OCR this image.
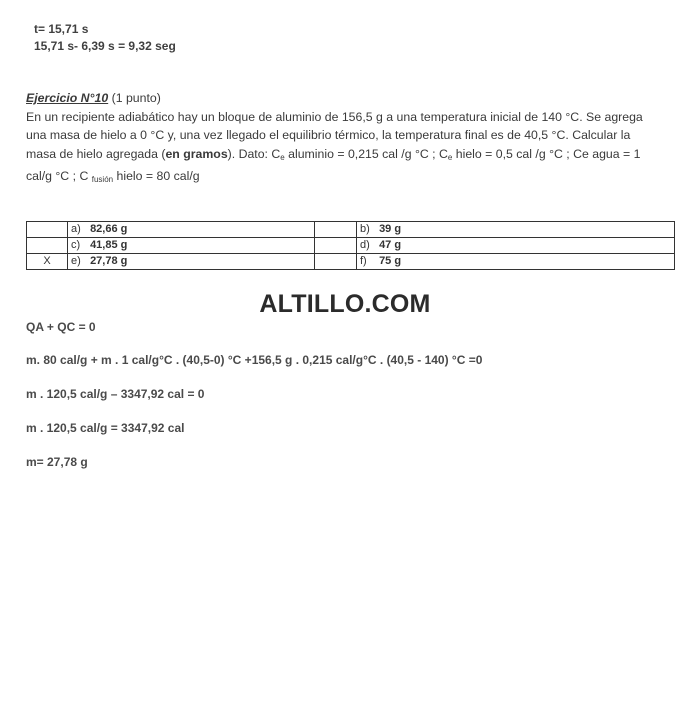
t= 15,71 s
15,71 s- 6,39 s = 9,32 seg
Ejercicio N°10 (1 punto)
En un recipiente adiabático hay un bloque de aluminio de 156,5 g a una temperatura inicial de 140 °C. Se agrega
una masa de hielo a 0 °C y, una vez llegado el equilibrio térmico, la temperatura final es de 40,5 °C. Calcular la
masa de hielo agregada (en gramos). Dato: $C_e$ aluminio = 0,215 cal /g °C ; $C_e$ hielo = 0,5 cal /g °C ; Ce agua = 1
cal/g °C ; C $_{fusión}$ hielo = 80 cal/g
	a) 82,66 g		b) 39 g
	c) 41,85 g		d) 47 g
X	e) 27,78 g		f) 75 g
ALTILLO.COM
QA + QC = 0
m. 80 cal/g + m . 1 cal/g°C . (40,5-0) °C +156,5 g . 0,215 cal/g°C . (40,5 - 140) °C =0
m . 120,5 cal/g – 3347,92 cal = 0
m . 120,5 cal/g = 3347,92 cal
m= 27,78 g
